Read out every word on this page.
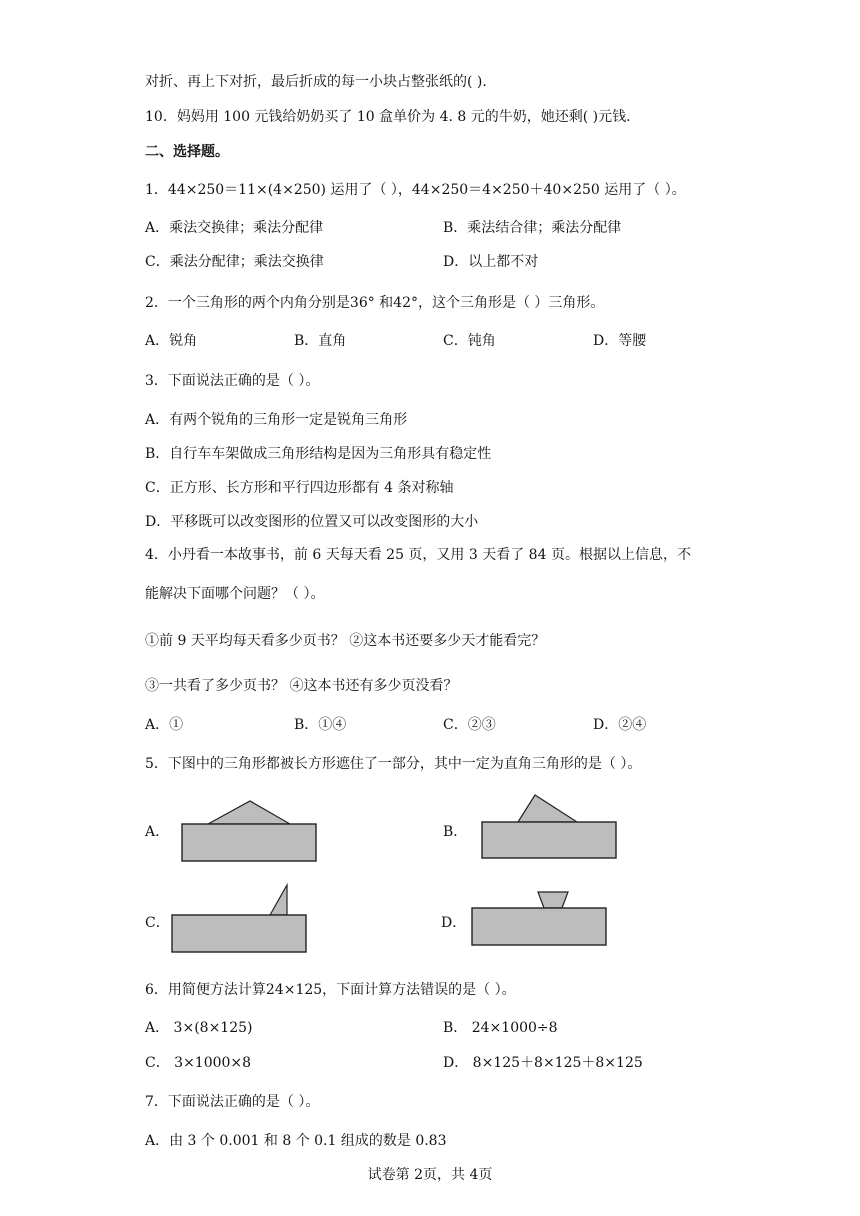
对折、再上下对折，最后折成的每一小块占整张纸的( ).
10．妈妈用 100 元钱给奶奶买了 10 盒单价为 4. 8 元的牛奶，她还剩( )元钱.
二、选择题。
1．44×250＝11×(4×250) 运用了（ ），44×250＝4×250＋40×250 运用了（ ）。
A．乘法交换律；乘法分配律	B．乘法结合律；乘法分配律
C．乘法分配律；乘法交换律	D．以上都不对
2．一个三角形的两个内角分别是36° 和42°，这个三角形是（ ）三角形。
A．锐角	B．直角	C．钝角	D．等腰
3．下面说法正确的是（ ）。
A．有两个锐角的三角形一定是锐角三角形
B．自行车车架做成三角形结构是因为三角形具有稳定性
C．正方形、长方形和平行四边形都有 4 条对称轴
D．平移既可以改变图形的位置又可以改变图形的大小
4．小丹看一本故事书，前 6 天每天看 25 页，又用 3 天看了 84 页。根据以上信息，不
能解决下面哪个问题？（ ）。
①前 9 天平均每天看多少页书？ ②这本书还要多少天才能看完？
③一共看了多少页书？ ④这本书还有多少页没看？
A．①	B．①④	C．②③	D．②④
5．下图中的三角形都被长方形遮住了一部分，其中一定为直角三角形的是（ ）。
A．	B．
C．	D．
6．用简便方法计算24×125，下面计算方法错误的是（ ）。
A． 3×(8×125)	B． 24×1000÷8
C． 3×1000×8	D． 8×125＋8×125＋8×125
7．下面说法正确的是（ ）。
A．由 3 个 0.001 和 8 个 0.1 组成的数是 0.83
试卷第 2页，共 4页
